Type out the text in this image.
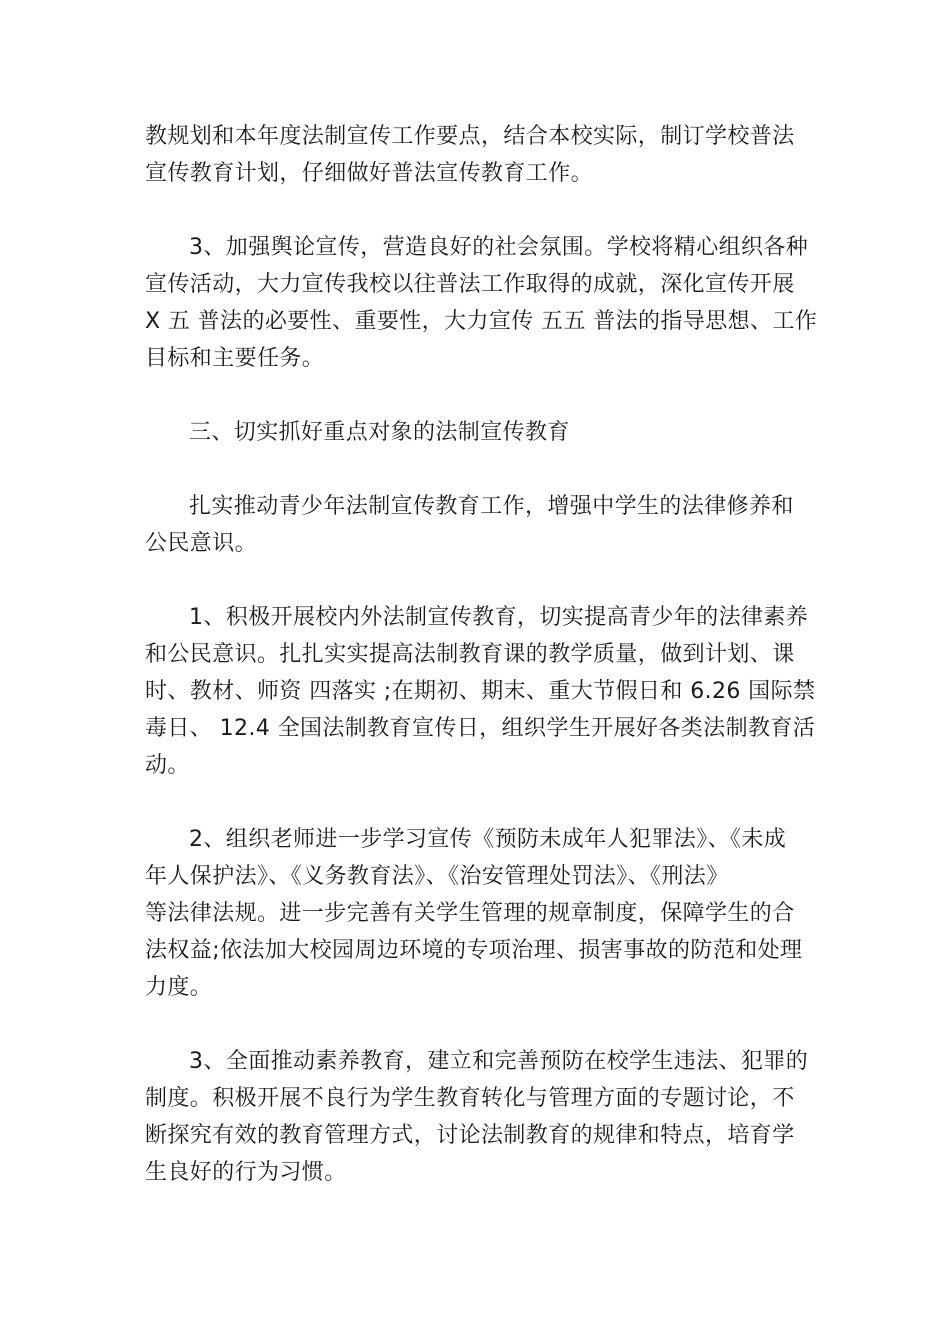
教规划和本年度法制宣传工作要点，结合本校实际，制订学校普法
宣传教育计划，仔细做好普法宣传教育工作。

3、加强舆论宣传，营造良好的社会氛围。学校将精心组织各种
宣传活动，大力宣传我校以往普法工作取得的成就，深化宣传开展
X 五 普法的必要性、重要性，大力宣传 五五 普法的指导思想、工作
目标和主要任务。

三、切实抓好重点对象的法制宣传教育

扎实推动青少年法制宣传教育工作，增强中学生的法律修养和
公民意识。

1、积极开展校内外法制宣传教育，切实提高青少年的法律素养
和公民意识。扎扎实实提高法制教育课的教学质量，做到计划、课
时、教材、师资 四落实 ;在期初、期末、重大节假日和 6.26 国际禁
毒日、 12.4 全国法制教育宣传日，组织学生开展好各类法制教育活
动。

2、组织老师进一步学习宣传《预防未成年人犯罪法》、《未成
年人保护法》、《义务教育法》、《治安管理处罚法》、《刑法》
等法律法规。进一步完善有关学生管理的规章制度，保障学生的合
法权益;依法加大校园周边环境的专项治理、损害事故的防范和处理
力度。

3、全面推动素养教育，建立和完善预防在校学生违法、犯罪的
制度。积极开展不良行为学生教育转化与管理方面的专题讨论，不
断探究有效的教育管理方式，讨论法制教育的规律和特点，培育学
生良好的行为习惯。
